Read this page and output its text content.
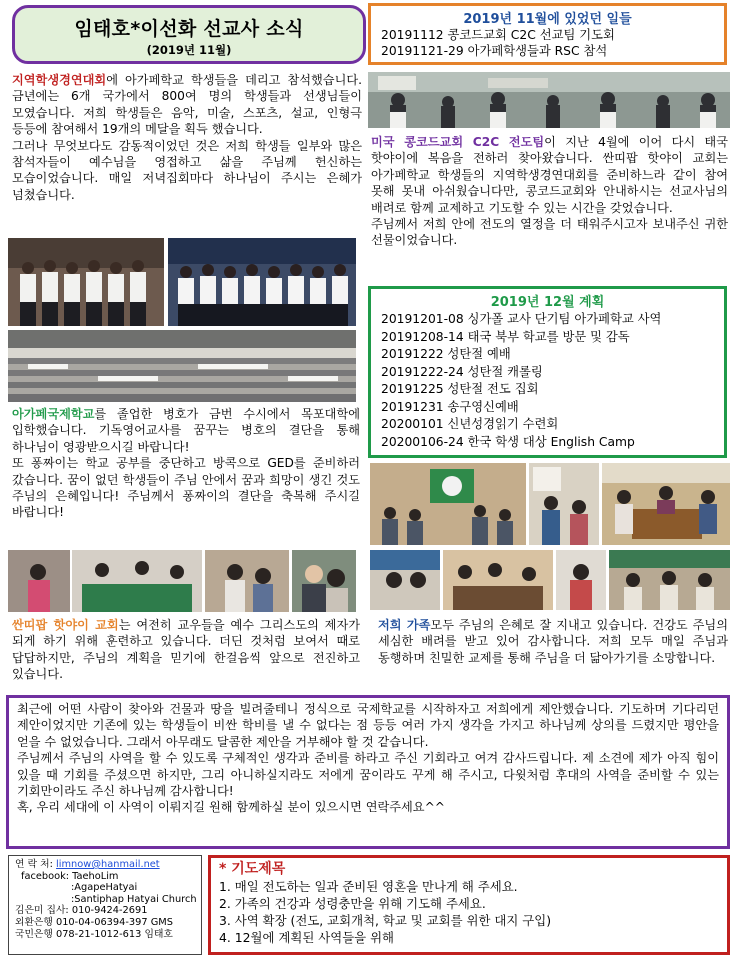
임태호*이선화 선교사 소식
(2019년 11월)
2019년 11월에 있었던 일들
20191112 콩코드교회 C2C 선교팀 기도회
20191121-29 아가페학생들과 RSC 참석

지역학생경연대회에 아가페학교 학생들을 데리고 참석했습니다. 금년에는 6개 국가에서 800여 명의 학생들과 선생님들이 모였습니다. 저희 학생들은 음악, 미술, 스포츠, 설교, 인형극 등등에 참여해서 19개의 메달을 획득 했습니다.

그러나 무엇보다도 감동적이었던 것은 저희 학생들 일부와 많은 참석자들이 예수님을 영접하고 삶을 주님께 헌신하는 모습이었습니다. 매일 저녁집회마다 하나님이 주시는 은혜가 넘쳤습니다.

미국 콩코드교회 C2C 전도팀이 지난 4월에 이어 다시 태국 핫야이에 복음을 전하러 찾아왔습니다. 싼띠팝 핫야이 교회는 아가페학교 학생들의 지역학생경연대회를 준비하느라 같이 참여 못해 못내 아쉬웠습니다만, 콩코드교회와 안내하시는 선교사님의 배려로 함께 교제하고 기도할 수 있는 시간을 갖었습니다.

주님께서 저희 안에 전도의 열정을 더 태워주시고자 보내주신 귀한 선물이었습니다.

2019년 12월 계획
20191201-08 싱가폴 교사 단기팀 아가페학교 사역
20191208-14 태국 북부 학교를 방문 및 감독
20191222 성탄절 예배
20191222-24 성탄절 캐롤링
20191225 성탄절 전도 집회
20191231 송구영신예배
20200101 신년성경읽기 수련회
20200106-24 한국 학생 대상 English Camp

아가페국제학교를 졸업한 병호가 금번 수시에서 목포대학에 입학했습니다. 기독영어교사를 꿈꾸는 병호의 결단을 통해 하나님이 영광받으시길 바랍니다!

또 퐁짜이는 학교 공부를 중단하고 방콕으로 GED를 준비하러 갔습니다. 꿈이 없던 학생들이 주님 안에서 꿈과 희망이 생긴 것도 주님의 은혜입니다! 주님께서 퐁짜이의 결단을 축복해 주시길 바랍니다!

싼띠팝 핫야이 교회는 여전히 교우들을 예수 그리스도의 제자가 되게 하기 위해 훈련하고 있습니다. 더딘 것처럼 보여서 때로 답답하지만, 주님의 계획을 믿기에 한걸음씩 앞으로 전진하고 있습니다.

저희 가족모두 주님의 은혜로 잘 지내고 있습니다. 건강도 주님의 세심한 배려를 받고 있어 감사합니다. 저희 모두 매일 주님과 동행하며 친밀한 교제를 통해 주님을 더 닮아가기를 소망합니다.

최근에 어떤 사람이 찾아와 건물과 땅을 빌려줄테니 정식으로 국제학교를 시작하자고 저희에게 제안했습니다. 기도하며 기다리던 제안이었지만 기존에 있는 학생들이 비싼 학비를 낼 수 없다는 점 등등 여러 가지 생각을 가지고 하나님께 상의를 드렸지만 평안을 얻을 수 없었습니다. 그래서 아무래도 달콤한 제안을 거부해야 할 것 같습니다.

주님께서 주님의 사역을 할 수 있도록 구체적인 생각과 준비를 하라고 주신 기회라고 여겨 감사드립니다. 제 소견에 제가 아직 힘이 있을 때 기회를 주셨으면 하지만, 그리 아니하실지라도 저에게 꿈이라도 꾸게 해 주시고, 다윗처럼 후대의 사역을 준비할 수 있는 기회만이라도 주신 하나님께 감사합니다!

혹, 우리 세대에 이 사역이 이뤄지길 원해 함께하실 분이 있으시면 연락주세요^^

연 락 처: limnow@hanmail.net
facebook: TaehoLim
:AgapeHatyai
:Santiphap Hatyai Church
김은미 집사: 010-9424-2691
외환은행 010-04-06394-397 GMS
국민은행 078-21-1012-613 임태호
* 기도제목
1. 매일 전도하는 일과 준비된 영혼을 만나게 해 주세요.
2. 가족의 건강과 성령충만을 위해 기도해 주세요.
3. 사역 확장 (전도, 교회개척, 학교 및 교회를 위한 대지 구입)
4. 12월에 계획된 사역들을 위해
